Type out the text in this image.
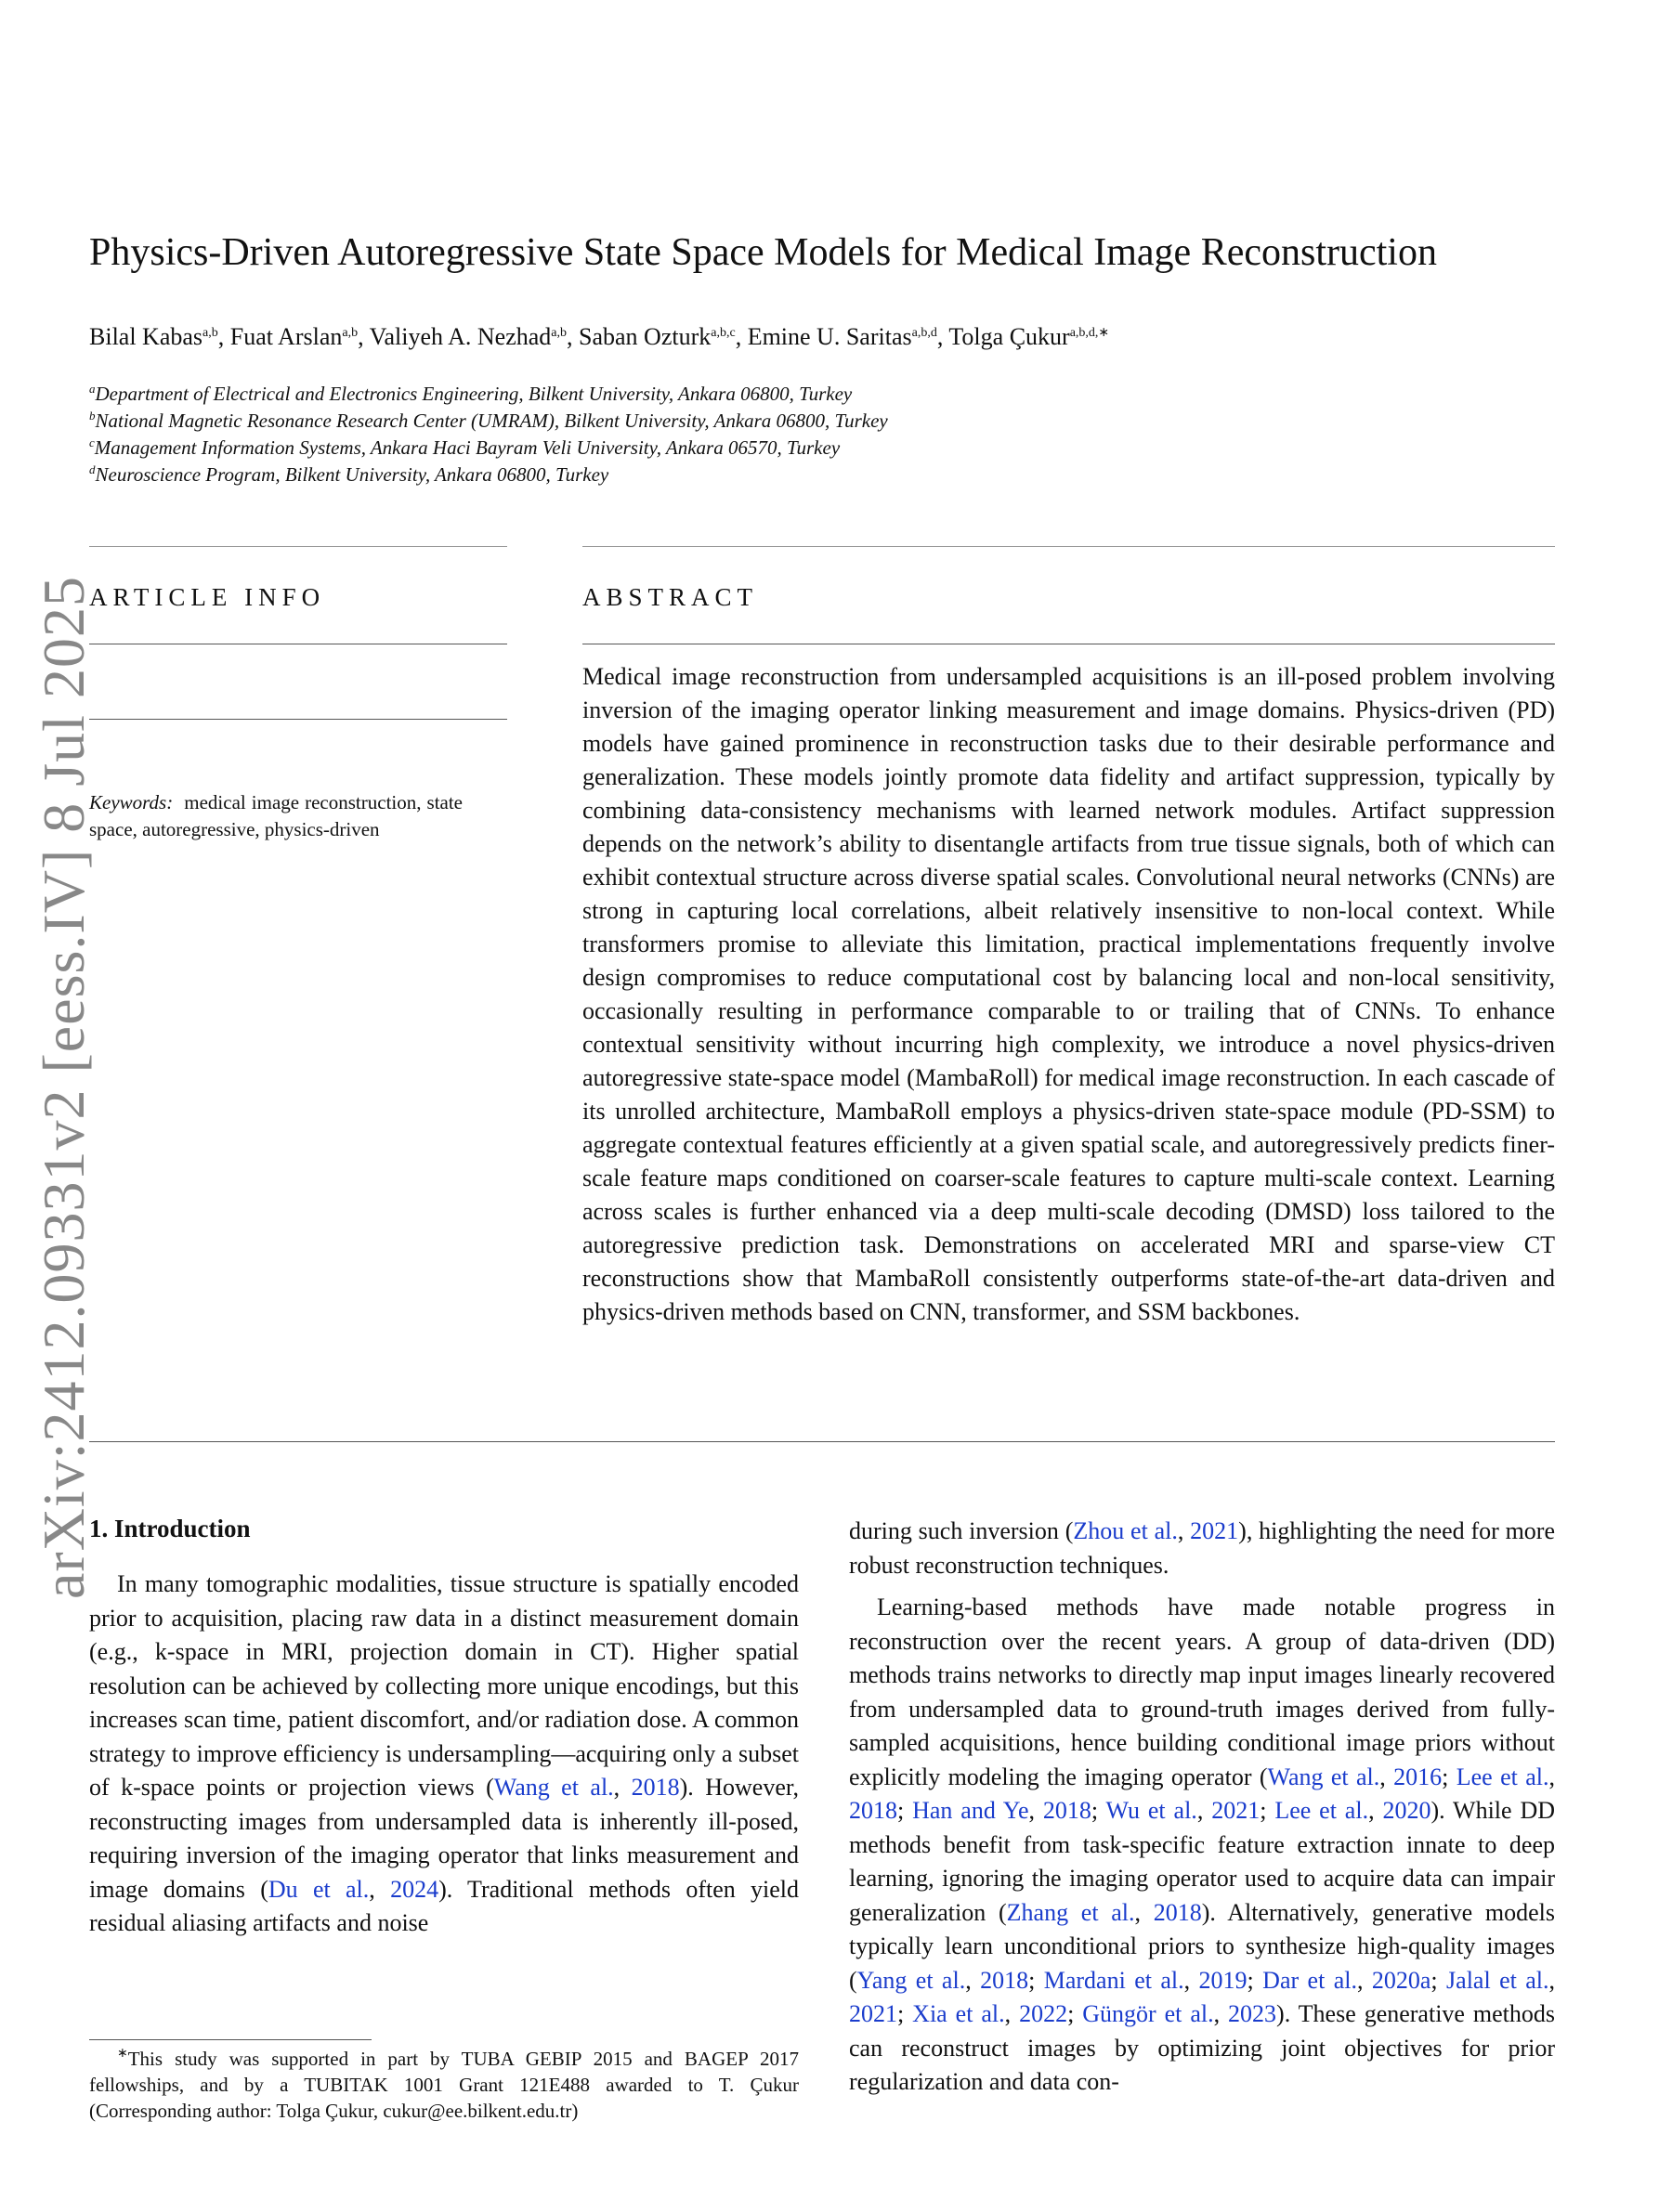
Physics-Driven Autoregressive State Space Models for Medical Image Reconstruction
Bilal Kabas$^{a,b}$, Fuat Arslan$^{a,b}$, Valiyeh A. Nezhad$^{a,b}$, Saban Ozturk$^{a,b,c}$, Emine U. Saritas$^{a,b,d}$, Tolga Çukur$^{a,b,d,∗}$
$^a$Department of Electrical and Electronics Engineering, Bilkent University, Ankara 06800, Turkey
$^b$National Magnetic Resonance Research Center (UMRAM), Bilkent University, Ankara 06800, Turkey
$^c$Management Information Systems, Ankara Haci Bayram Veli University, Ankara 06570, Turkey
$^d$Neuroscience Program, Bilkent University, Ankara 06800, Turkey
ARTICLE INFO	ABSTRACT
Keywords: medical image reconstruction, state space, autoregressive, physics-driven
Medical image reconstruction from undersampled acquisitions is an ill-posed problem involving inversion of the imaging operator linking measurement and image domains. Physics-driven (PD) models have gained prominence in reconstruction tasks due to their desirable performance and generalization. These models jointly promote data fidelity and artifact suppression, typically by combining data-consistency mechanisms with learned network modules. Artifact suppression depends on the network’s ability to disentangle artifacts from true tissue signals, both of which can exhibit contextual structure across diverse spatial scales. Convolutional neural networks (CNNs) are strong in capturing local correlations, albeit relatively insensitive to non-local context. While transformers promise to alleviate this limitation, practical implementations frequently involve design compromises to reduce computational cost by balancing local and non-local sensitivity, occasionally resulting in performance comparable to or trailing that of CNNs. To enhance contextual sensitivity without incurring high complexity, we introduce a novel physics-driven autoregressive state-space model (MambaRoll) for medical image reconstruction. In each cascade of its unrolled architecture, MambaRoll employs a physics-driven state-space module (PD-SSM) to aggregate contextual features efficiently at a given spatial scale, and autoregressively predicts finer-scale feature maps conditioned on coarser-scale features to capture multi-scale context. Learning across scales is further enhanced via a deep multi-scale decoding (DMSD) loss tailored to the autoregressive prediction task. Demonstrations on accelerated MRI and sparse-view CT reconstructions show that MambaRoll consistently outperforms state-of-the-art data-driven and physics-driven methods based on CNN, transformer, and SSM backbones.
1. Introduction

In many tomographic modalities, tissue structure is spatially encoded prior to acquisition, placing raw data in a distinct measurement domain (e.g., k-space in MRI, projection domain in CT). Higher spatial resolution can be achieved by collecting more unique encodings, but this increases scan time, patient discomfort, and/or radiation dose. A common strategy to improve efficiency is undersampling—acquiring only a subset of k-space points or projection views (Wang et al., 2018). However, reconstructing images from undersampled data is inherently ill-posed, requiring inversion of the imaging operator that links measurement and image domains (Du et al., 2024). Traditional methods often yield residual aliasing artifacts and noise

during such inversion (Zhou et al., 2021), highlighting the need for more robust reconstruction techniques.

Learning-based methods have made notable progress in reconstruction over the recent years. A group of data-driven (DD) methods trains networks to directly map input images linearly recovered from undersampled data to ground-truth images derived from fully-sampled acquisitions, hence building conditional image priors without explicitly modeling the imaging operator (Wang et al., 2016; Lee et al., 2018; Han and Ye, 2018; Wu et al., 2021; Lee et al., 2020). While DD methods benefit from task-specific feature extraction innate to deep learning, ignoring the imaging operator used to acquire data can impair generalization (Zhang et al., 2018). Alternatively, generative models typically learn unconditional priors to synthesize high-quality images (Yang et al., 2018; Mardani et al., 2019; Dar et al., 2020a; Jalal et al., 2021; Xia et al., 2022; Güngör et al., 2023). These generative methods can reconstruct images by optimizing joint objectives for prior regularization and data con-

∗This study was supported in part by TUBA GEBIP 2015 and BAGEP 2017 fellowships, and by a TUBITAK 1001 Grant 121E488 awarded to T. Çukur (Corresponding author: Tolga Çukur, cukur@ee.bilkent.edu.tr)
arXiv:2412.09331v2 [eess.IV] 8 Jul 2025
